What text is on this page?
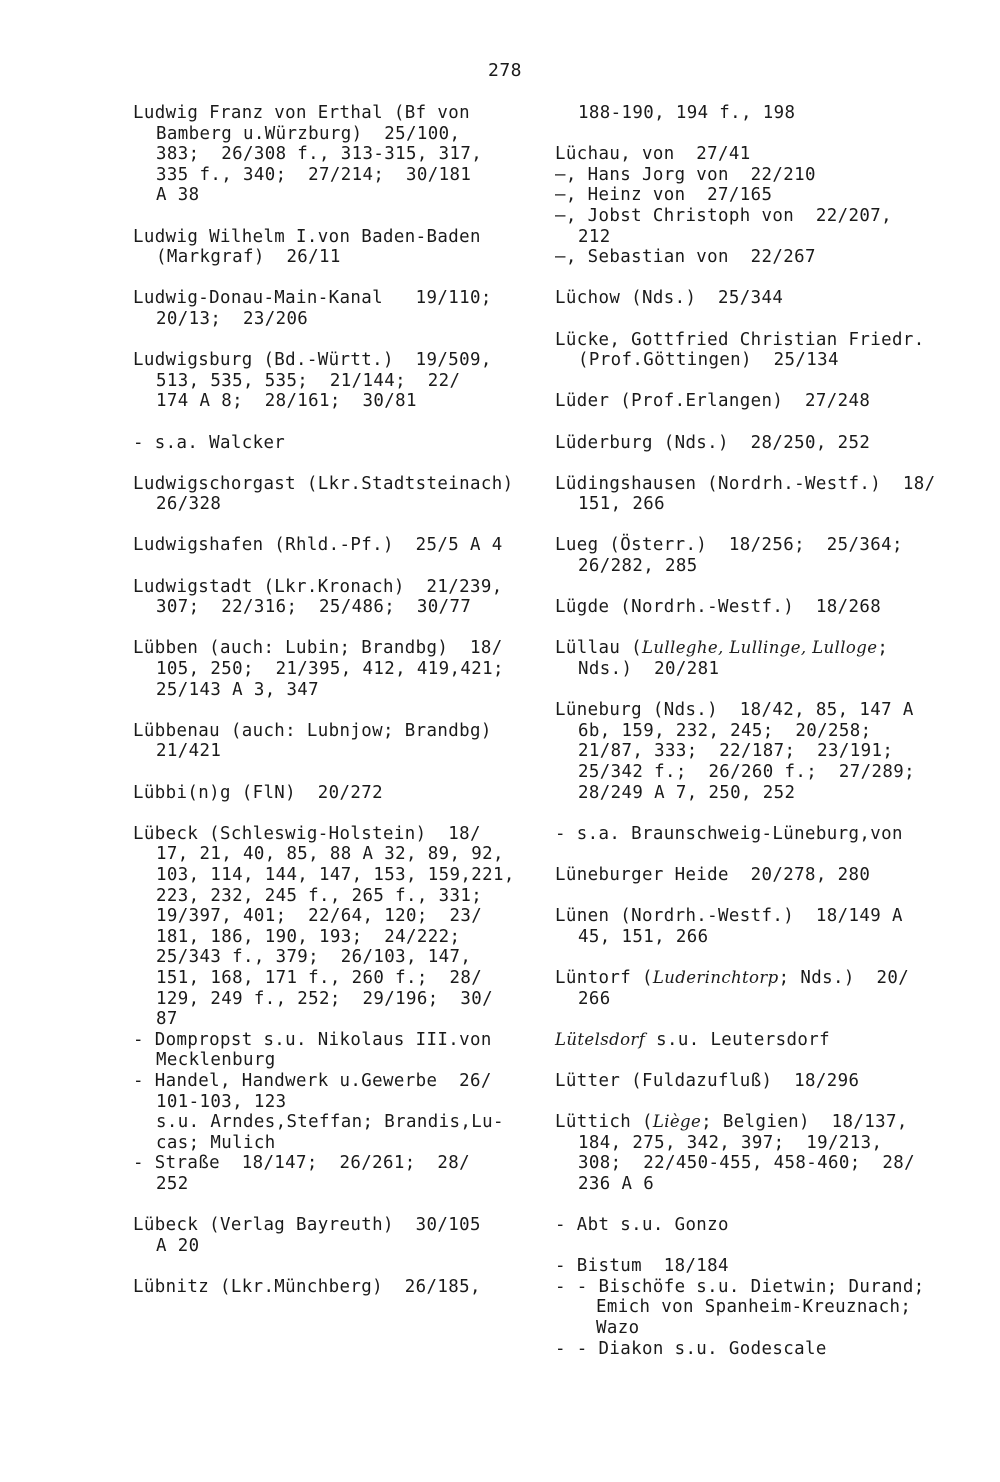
278
Ludwig Franz von Erthal (Bf von
Bamberg u.Würzburg)  25/100,
383;  26/308 f., 313-315, 317,
335 f., 340;  27/214;  30/181
A 38
Ludwig Wilhelm I.von Baden-Baden
(Markgraf)  26/11
Ludwig-Donau-Main-Kanal   19/110;
20/13;  23/206
Ludwigsburg (Bd.-Württ.)  19/509,
513, 535, 535;  21/144;  22/
174 A 8;  28/161;  30/81
- s.a. Walcker
Ludwigschorgast (Lkr.Stadtsteinach)
26/328
Ludwigshafen (Rhld.-Pf.)  25/5 A 4
Ludwigstadt (Lkr.Kronach)  21/239,
307;  22/316;  25/486;  30/77
Lübben (auch: Lubin; Brandbg)  18/
105, 250;  21/395, 412, 419,421;
25/143 A 3, 347
Lübbenau (auch: Lubnjow; Brandbg)
21/421
Lübbi(n)g (FlN)  20/272
Lübeck (Schleswig-Holstein)  18/
17, 21, 40, 85, 88 A 32, 89, 92,
103, 114, 144, 147, 153, 159,221,
223, 232, 245 f., 265 f., 331;
19/397, 401;  22/64, 120;  23/
181, 186, 190, 193;  24/222;
25/343 f., 379;  26/103, 147,
151, 168, 171 f., 260 f.;  28/
129, 249 f., 252;  29/196;  30/
87
- Dompropst s.u. Nikolaus III.von
Mecklenburg
- Handel, Handwerk u.Gewerbe  26/
101-103, 123
s.u. Arndes,Steffan; Brandis,Lu-
cas; Mulich
- Straße  18/147;  26/261;  28/
252
Lübeck (Verlag Bayreuth)  30/105
A 20
Lübnitz (Lkr.Münchberg)  26/185,
188-190, 194 f., 198
Lüchau, von  27/41
—, Hans Jorg von  22/210
—, Heinz von  27/165
—, Jobst Christoph von  22/207,
212
—, Sebastian von  22/267
Lüchow (Nds.)  25/344
Lücke, Gottfried Christian Friedr.
(Prof.Göttingen)  25/134
Lüder (Prof.Erlangen)  27/248
Lüderburg (Nds.)  28/250, 252
Lüdingshausen (Nordrh.-Westf.)  18/
151, 266
Lueg (Österr.)  18/256;  25/364;
26/282, 285
Lügde (Nordrh.-Westf.)  18/268
Lüllau (Lulleghe, Lullinge, Lulloge;
Nds.)  20/281
Lüneburg (Nds.)  18/42, 85, 147 A
6b, 159, 232, 245;  20/258;
21/87, 333;  22/187;  23/191;
25/342 f.;  26/260 f.;  27/289;
28/249 A 7, 250, 252
- s.a. Braunschweig-Lüneburg,von
Lüneburger Heide  20/278, 280
Lünen (Nordrh.-Westf.)  18/149 A
45, 151, 266
Lüntorf (Luderinchtorp; Nds.)  20/
266
Lütelsdorf s.u. Leutersdorf
Lütter (Fuldazufluß)  18/296
Lüttich (Liège; Belgien)  18/137,
184, 275, 342, 397;  19/213,
308;  22/450-455, 458-460;  28/
236 A 6
- Abt s.u. Gonzo
- Bistum  18/184
- - Bischöfe s.u. Dietwin; Durand;
Emich von Spanheim-Kreuznach;
Wazo
- - Diakon s.u. Godescale
